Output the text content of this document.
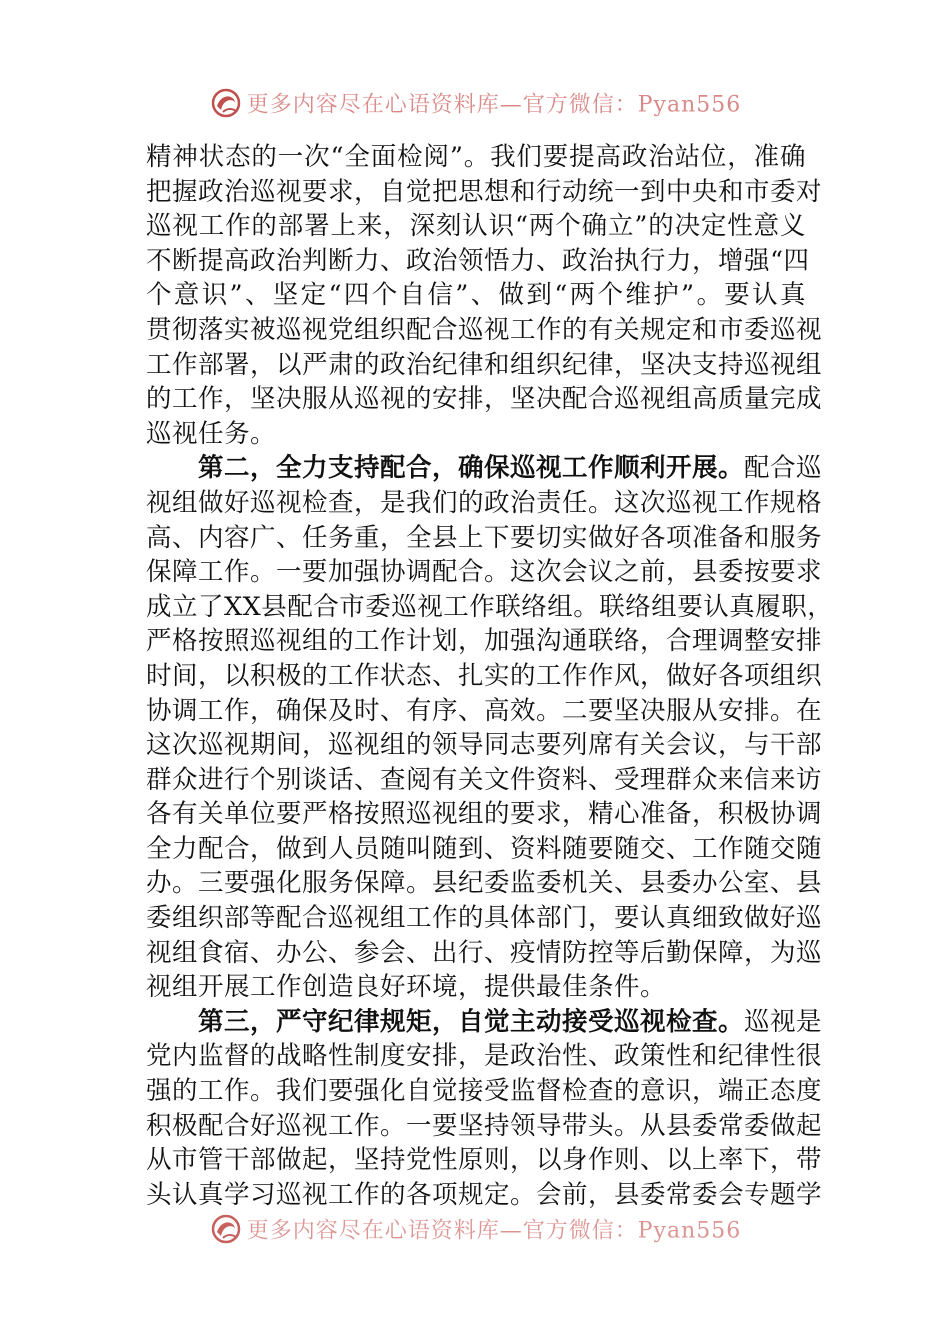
更多内容尽在心语资料库—官方微信：Pyan556
精神状态的一次“全面检阅”。我们要提高政治站位，准确
把握政治巡视要求，自觉把思想和行动统一到中央和市委对
巡视工作的部署上来，深刻认识“两个确立”的决定性意义
不断提高政治判断力、政治领悟力、政治执行力，增强“四
个意识”、坚定“四个自信”、做到“两个维护”。要认真
贯彻落实被巡视党组织配合巡视工作的有关规定和市委巡视
工作部署，以严肃的政治纪律和组织纪律，坚决支持巡视组
的工作，坚决服从巡视的安排，坚决配合巡视组高质量完成
巡视任务。
第二，全力支持配合，确保巡视工作顺利开展。配合巡
视组做好巡视检查，是我们的政治责任。这次巡视工作规格
高、内容广、任务重，全县上下要切实做好各项准备和服务
保障工作。一要加强协调配合。这次会议之前，县委按要求
成立了XX县配合市委巡视工作联络组。联络组要认真履职，
严格按照巡视组的工作计划，加强沟通联络，合理调整安排
时间，以积极的工作状态、扎实的工作作风，做好各项组织
协调工作，确保及时、有序、高效。二要坚决服从安排。在
这次巡视期间，巡视组的领导同志要列席有关会议，与干部
群众进行个别谈话、查阅有关文件资料、受理群众来信来访
各有关单位要严格按照巡视组的要求，精心准备，积极协调
全力配合，做到人员随叫随到、资料随要随交、工作随交随
办。三要强化服务保障。县纪委监委机关、县委办公室、县
委组织部等配合巡视组工作的具体部门，要认真细致做好巡
视组食宿、办公、参会、出行、疫情防控等后勤保障，为巡
视组开展工作创造良好环境，提供最佳条件。
第三，严守纪律规矩，自觉主动接受巡视检查。巡视是
党内监督的战略性制度安排，是政治性、政策性和纪律性很
强的工作。我们要强化自觉接受监督检查的意识，端正态度
积极配合好巡视工作。一要坚持领导带头。从县委常委做起
从市管干部做起，坚持党性原则，以身作则、以上率下，带
头认真学习巡视工作的各项规定。会前，县委常委会专题学
更多内容尽在心语资料库—官方微信：Pyan556
